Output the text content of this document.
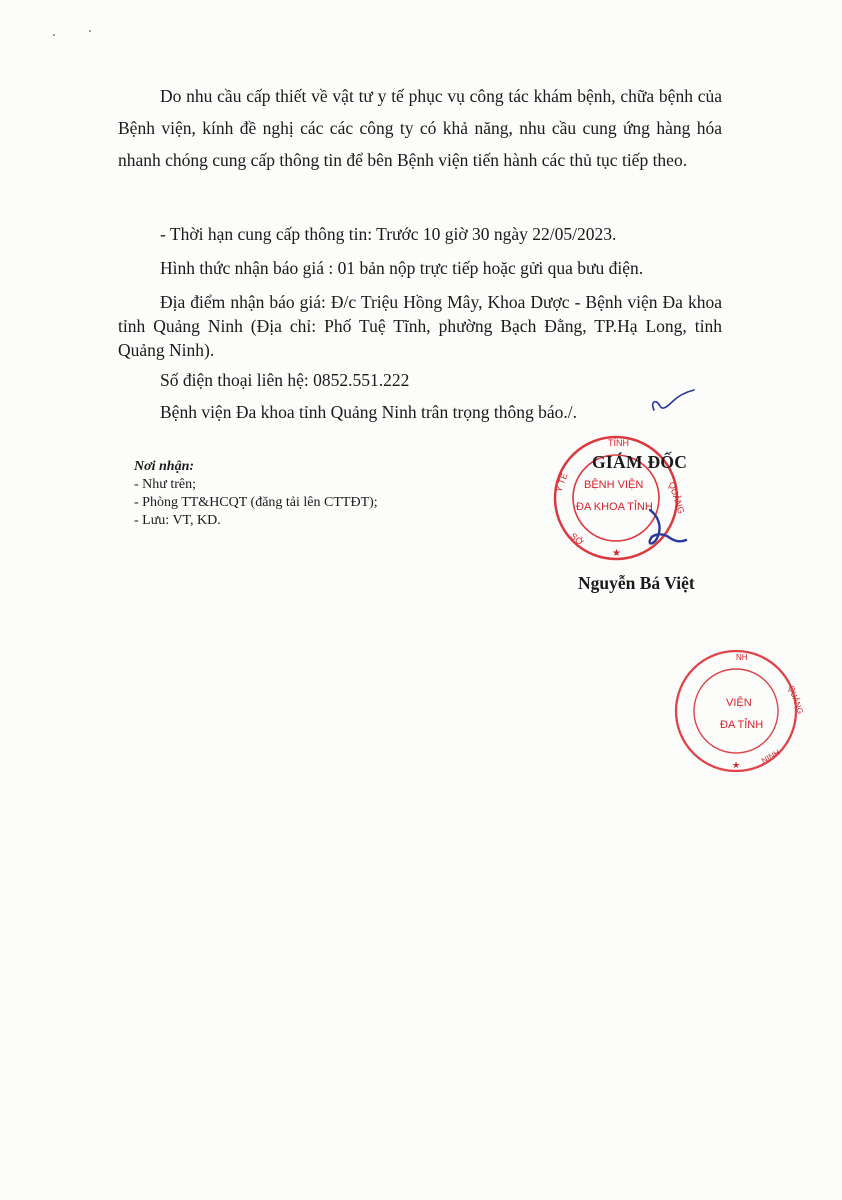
Do nhu cầu cấp thiết về vật tư y tế phục vụ công tác khám bệnh, chữa bệnh của Bệnh viện, kính đề nghị các các công ty có khả năng, nhu cầu cung ứng hàng hóa nhanh chóng cung cấp thông tin để bên Bệnh viện tiến hành các thủ tục tiếp theo.

- Thời hạn cung cấp thông tin: Trước 10 giờ 30 ngày 22/05/2023.

Hình thức nhận báo giá : 01 bản nộp trực tiếp hoặc gửi qua bưu điện.

Địa điểm nhận báo giá: Đ/c Triệu Hồng Mây, Khoa Dược - Bệnh viện Đa khoa tỉnh Quảng Ninh (Địa chỉ: Phố Tuệ Tĩnh, phường Bạch Đằng, TP.Hạ Long, tỉnh Quảng Ninh).

Số điện thoại liên hệ: 0852.551.222

Bệnh viện Đa khoa tỉnh Quảng Ninh trân trọng thông báo./.

Nơi nhận:
- Như trên;
- Phòng TT&HCQT (đăng tải lên CTTĐT);
- Lưu: VT, KD.
TỈNH
Y TẾ	QUẢNG
SỞ
BỆNH VIỆN
ĐA KHOA TỈNH
★
GIÁM ĐỐC
Nguyễn Bá Việt
NH
QUẢNG
NINH
VIỆN
ĐA TỈNH
★
